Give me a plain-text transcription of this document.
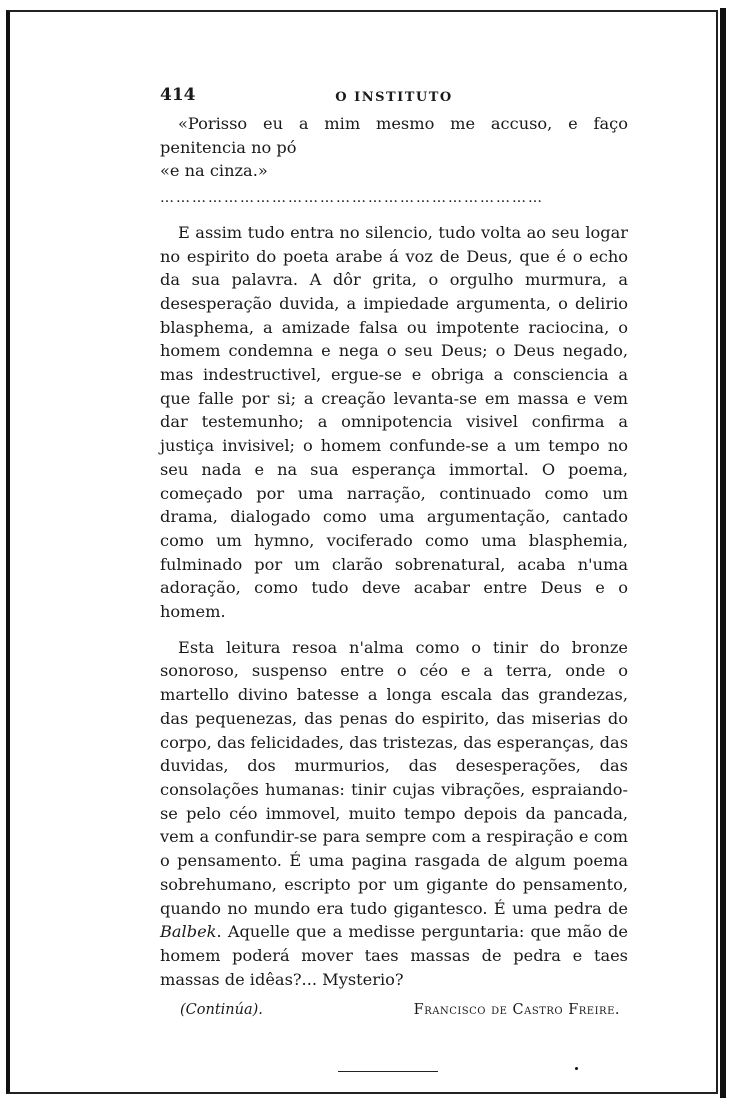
414	O INSTITUTO

«Porisso eu a mim mesmo me accuso, e faço penitencia no pó

«e na cinza.»

………………………………………………………………

E assim tudo entra no silencio, tudo volta ao seu logar no espirito do poeta arabe á voz de Deus, que é o echo da sua palavra. A dôr grita, o orgulho murmura, a desesperação duvida, a impiedade argumenta, o delirio blasphema, a amizade falsa ou impotente raciocina, o homem condemna e nega o seu Deus; o Deus negado, mas indestructivel, ergue-se e obriga a consciencia a que falle por si; a creação levanta-se em massa e vem dar testemunho; a omnipotencia visivel confirma a justiça invisivel; o homem confunde-se a um tempo no seu nada e na sua esperança immortal. O poema, começado por uma narração, continuado como um drama, dialogado como uma argumentação, cantado como um hymno, vociferado como uma blasphemia, fulminado por um clarão sobrenatural, acaba n'uma adoração, como tudo deve acabar entre Deus e o homem.

Esta leitura resoa n'alma como o tinir do bronze sonoroso, suspenso entre o céo e a terra, onde o martello divino batesse a longa escala das grandezas, das pequenezas, das penas do espirito, das miserias do corpo, das felicidades, das tristezas, das esperanças, das duvidas, dos murmurios, das desesperações, das consolações humanas: tinir cujas vibrações, espraiando-se pelo céo immovel, muito tempo depois da pancada, vem a confundir-se para sempre com a respiração e com o pensamento. É uma pagina rasgada de algum poema sobrehumano, escripto por um gigante do pensamento, quando no mundo era tudo gigantesco. É uma pedra de Balbek. Aquelle que a medisse perguntaria: que mão de homem poderá mover taes massas de pedra e taes massas de idêas?... Mysterio?

(Continúa).	Francisco de Castro Freire.
